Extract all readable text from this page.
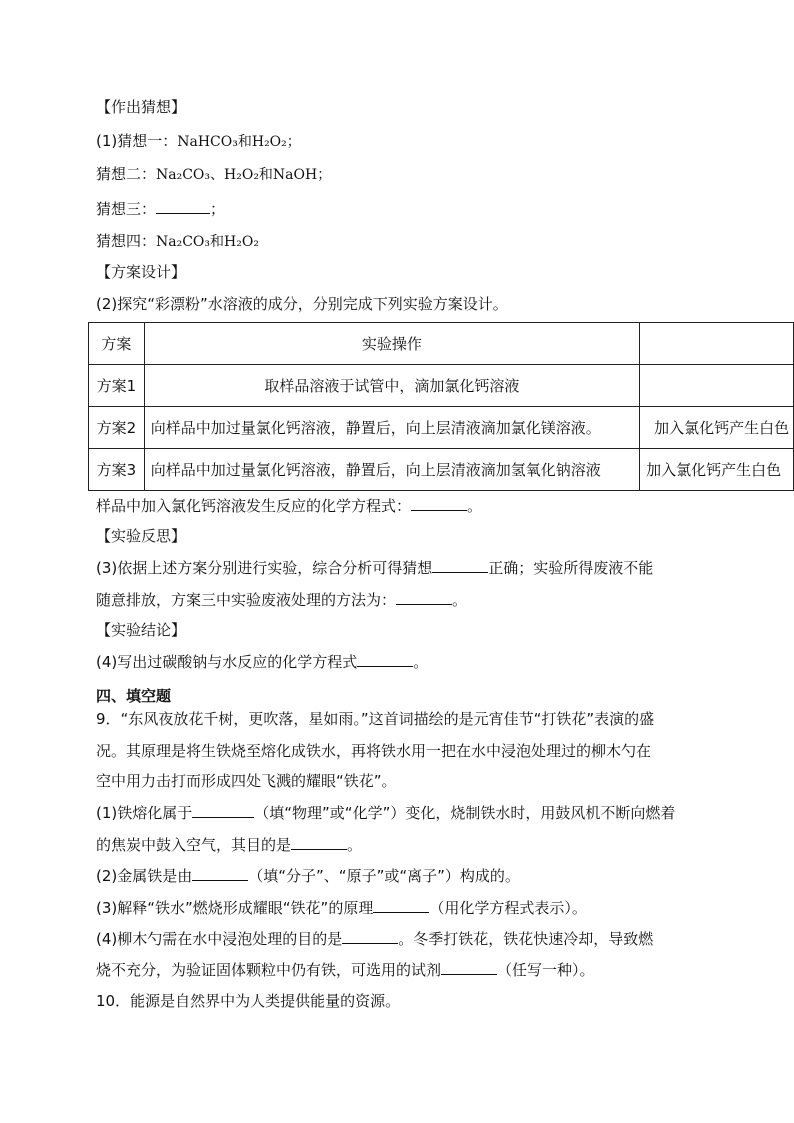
【作出猜想】
(1)猜想一：NaHCO₃和H₂O₂；
猜想二：Na₂CO₃、H₂O₂和NaOH；
猜想三：	；
猜想四：Na₂CO₃和H₂O₂
【方案设计】
(2)探究“彩漂粉”水溶液的成分，分别完成下列实验方案设计。
方案	实验操作	
方案1	取样品溶液于试管中，滴加氯化钙溶液	
方案2	向样品中加过量氯化钙溶液，静置后，向上层清液滴加氯化镁溶液。	加入氯化钙产生白色
方案3	向样品中加过量氯化钙溶液，静置后，向上层清液滴加氢氧化钠溶液	加入氯化钙产生白色
样品中加入氯化钙溶液发生反应的化学方程式：	。
【实验反思】
(3)依据上述方案分别进行实验，综合分析可得猜想	正确；实验所得废液不能
随意排放，方案三中实验废液处理的方法为：	。
【实验结论】
(4)写出过碳酸钠与水反应的化学方程式	。
四、填空题
9．“东风夜放花千树，更吹落，星如雨。”这首词描绘的是元宵佳节“打铁花”表演的盛
况。其原理是将生铁烧至熔化成铁水，再将铁水用一把在水中浸泡处理过的柳木勺在
空中用力击打而形成四处飞溅的耀眼“铁花”。
(1)铁熔化属于	（填“物理”或“化学”）变化，烧制铁水时，用鼓风机不断向燃着
的焦炭中鼓入空气，其目的是	。
(2)金属铁是由	（填“分子”、“原子”或“离子”）构成的。
(3)解释“铁水”燃烧形成耀眼“铁花”的原理	（用化学方程式表示）。
(4)柳木勺需在水中浸泡处理的目的是	。冬季打铁花，铁花快速冷却，导致燃
烧不充分，为验证固体颗粒中仍有铁，可选用的试剂	（任写一种）。
10．能源是自然界中为人类提供能量的资源。
